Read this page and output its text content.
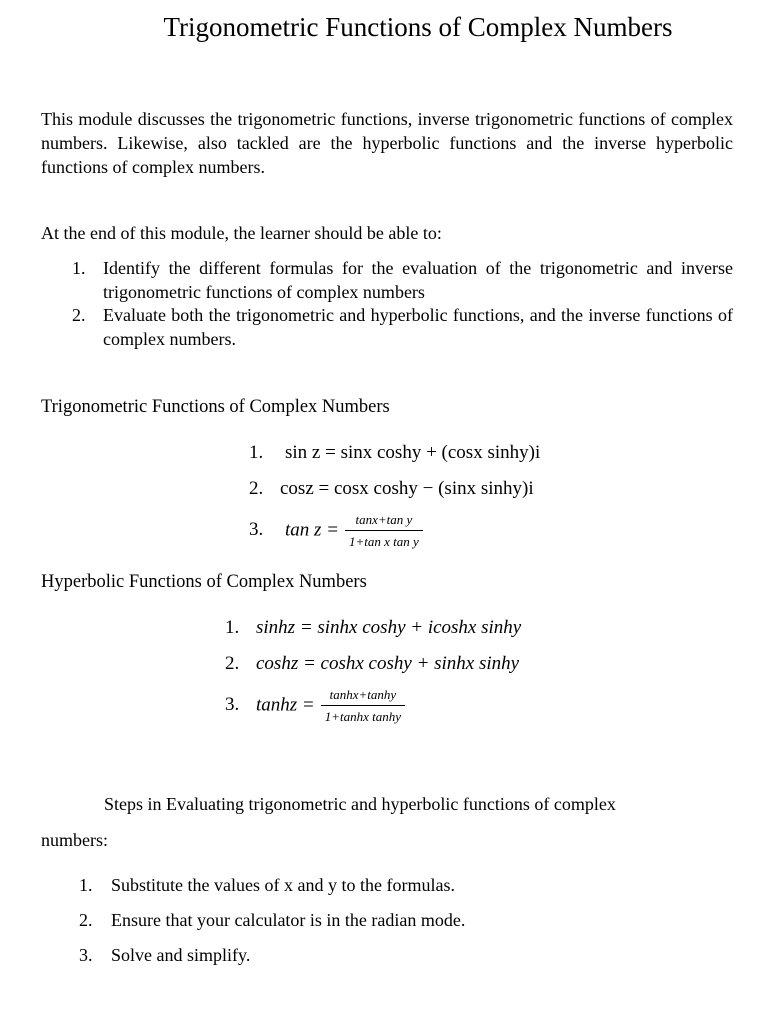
Trigonometric Functions of Complex Numbers
This module discusses the trigonometric functions, inverse trigonometric functions of complex numbers. Likewise, also tackled are the hyperbolic functions and the inverse hyperbolic functions of complex numbers.
At the end of this module, the learner should be able to:
1. Identify the different formulas for the evaluation of the trigonometric and inverse trigonometric functions of complex numbers
2. Evaluate both the trigonometric and hyperbolic functions, and the inverse functions of complex numbers.
Trigonometric Functions of Complex Numbers
1. sin z = sinx coshy + (cosx sinhy)i
2. cosz = cosx coshy − (sinx sinhy)i
3. $\tan z = \frac{\text{tanx+tan y}}{\text{1+tan x tan y}}$
Hyperbolic Functions of Complex Numbers
1. sinhz = sinhx coshy + icoshx sinhy
2. coshz = coshx coshy + sinhx sinhy
3. $\tanh z = \frac{\tanh x+\tanh y}{\text{1+tanhx tanhy}}$
Steps in Evaluating trigonometric and hyperbolic functions of complex
numbers:
1. Substitute the values of x and y to the formulas.
2. Ensure that your calculator is in the radian mode.
3. Solve and simplify.
